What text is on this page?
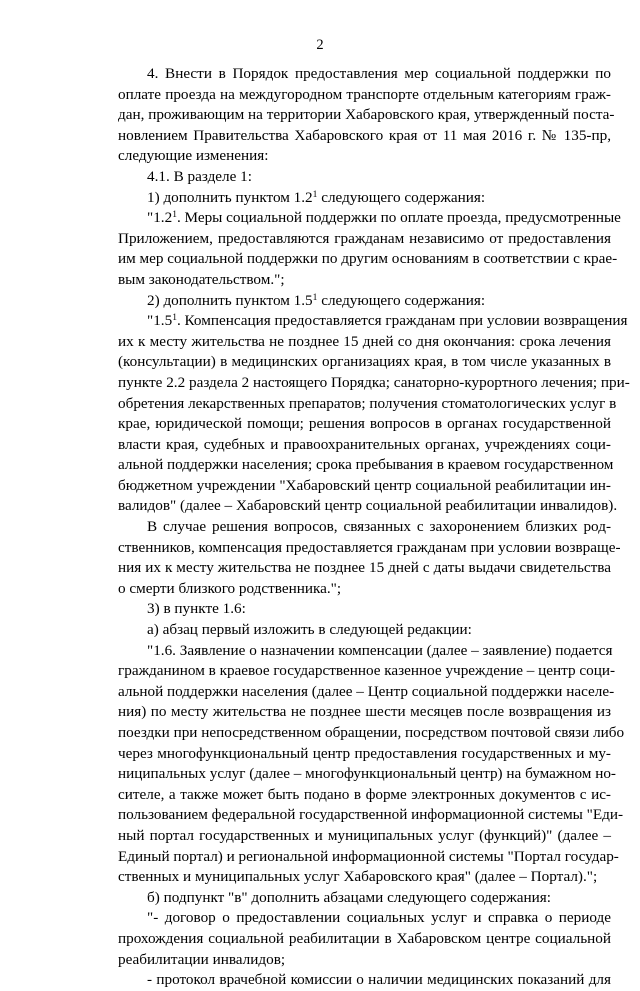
2
4. Внести в Порядок предоставления мер социальной поддержки по
оплате проезда на междугородном транспорте отдельным категориям граж-
дан, проживающим на территории Хабаровского края, утвержденный поста-
новлением Правительства Хабаровского края от 11 мая 2016 г. № 135-пр,
следующие изменения:
4.1. В разделе 1:
1) дополнить пунктом $1.2^1$ следующего содержания:
"$1.2^1$. Меры социальной поддержки по оплате проезда, предусмотренные
Приложением, предоставляются гражданам независимо от предоставления
им мер социальной поддержки по другим основаниям в соответствии с крае-
вым законодательством.";
2) дополнить пунктом $1.5^1$ следующего содержания:
"$1.5^1$. Компенсация предоставляется гражданам при условии возвращения
их к месту жительства не позднее 15 дней со дня окончания: срока лечения
(консультации) в медицинских организациях края, в том числе указанных в
пункте 2.2 раздела 2 настоящего Порядка; санаторно-курортного лечения; при-
обретения лекарственных препаратов; получения стоматологических услуг в
крае, юридической помощи; решения вопросов в органах государственной
власти края, судебных и правоохранительных органах, учреждениях соци-
альной поддержки населения; срока пребывания в краевом государственном
бюджетном учреждении "Хабаровский центр социальной реабилитации ин-
валидов" (далее – Хабаровский центр социальной реабилитации инвалидов).
В случае решения вопросов, связанных с захоронением близких род-
ственников, компенсация предоставляется гражданам при условии возвраще-
ния их к месту жительства не позднее 15 дней с даты выдачи свидетельства
о смерти близкого родственника.";
3) в пункте 1.6:
а) абзац первый изложить в следующей редакции:
"1.6. Заявление о назначении компенсации (далее – заявление) подается
гражданином в краевое государственное казенное учреждение – центр соци-
альной поддержки населения (далее – Центр социальной поддержки населе-
ния) по месту жительства не позднее шести месяцев после возвращения из
поездки при непосредственном обращении, посредством почтовой связи либо
через многофункциональный центр предоставления государственных и му-
ниципальных услуг (далее – многофункциональный центр) на бумажном но-
сителе, а также может быть подано в форме электронных документов с ис-
пользованием федеральной государственной информационной системы "Еди-
ный портал государственных и муниципальных услуг (функций)" (далее –
Единый портал) и региональной информационной системы "Портал государ-
ственных и муниципальных услуг Хабаровского края" (далее – Портал).";
б) подпункт "в" дополнить абзацами следующего содержания:
"- договор о предоставлении социальных услуг и справка о периоде
прохождения социальной реабилитации в Хабаровском центре социальной
реабилитации инвалидов;
- протокол врачебной комиссии о наличии медицинских показаний для
